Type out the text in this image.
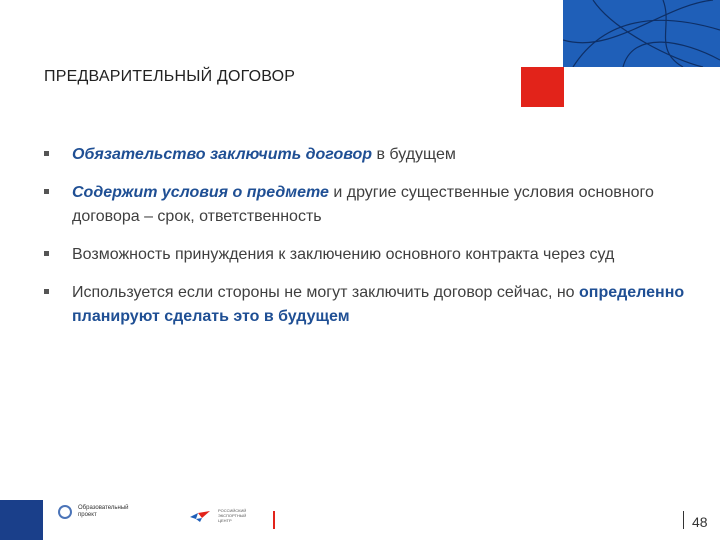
ПРЕДВАРИТЕЛЬНЫЙ ДОГОВОР
Обязательство заключить договор в будущем
Содержит условия о предмете и другие существенные условия основного договора – срок, ответственность
Возможность принуждения к заключению основного контракта через суд
Используется если стороны не могут заключить договор сейчас, но определенно планируют сделать это в будущем
Образовательный
проект
РОССИЙСКИЙ
ЭКСПОРТНЫЙ
ЦЕНТР	48
